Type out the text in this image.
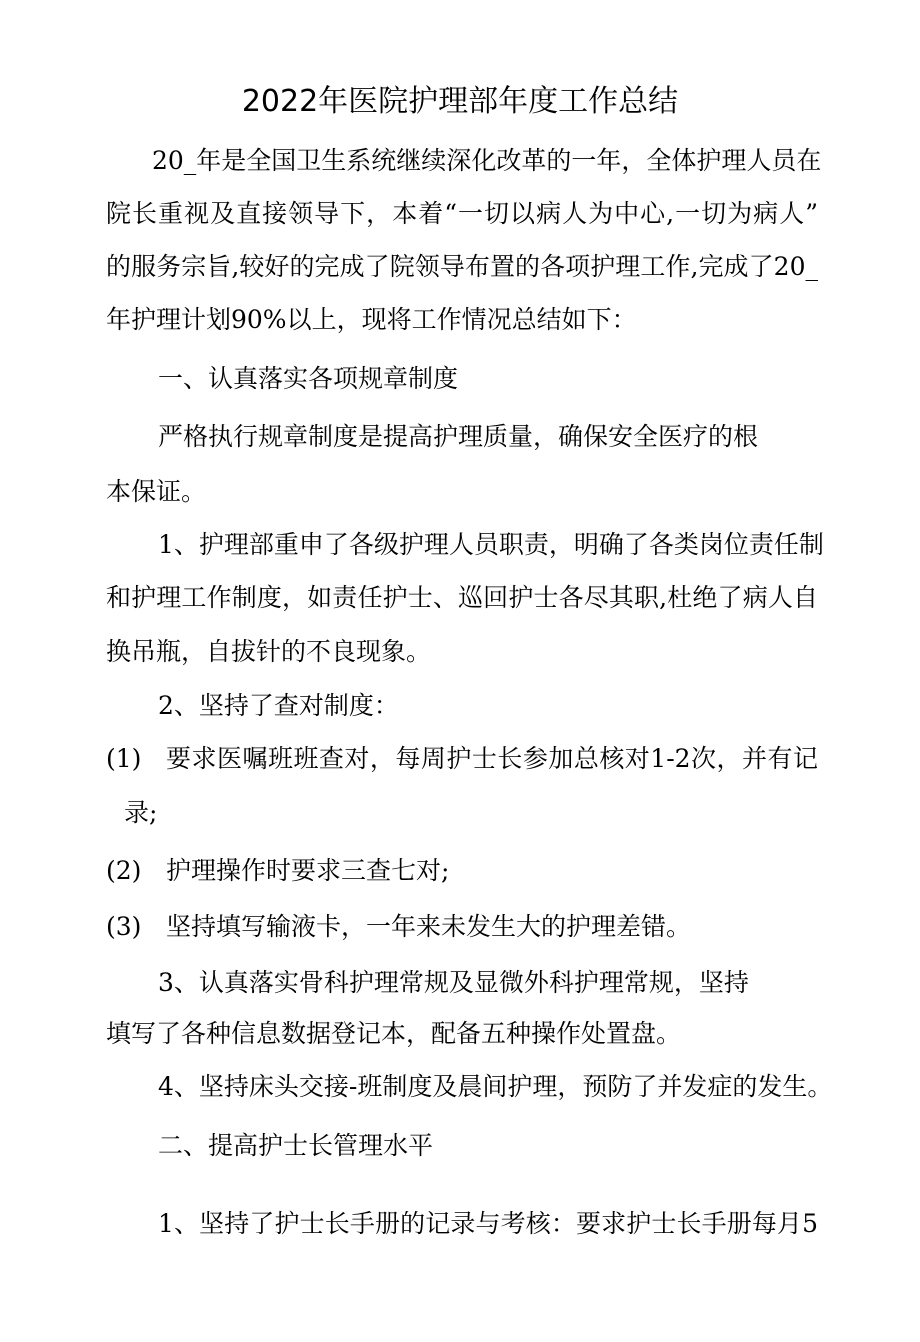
2022年医院护理部年度工作总结
20_年是全国卫生系统继续深化改革的一年，全体护理人员在
院长重视及直接领导下，本着“一切以病人为中心,一切为病人”
的服务宗旨,较好的完成了院领导布置的各项护理工作,完成了20_
年护理计划90%以上，现将工作情况总结如下：
一、认真落实各项规章制度
严格执行规章制度是提高护理质量，确保安全医疗的根
本保证。
1、护理部重申了各级护理人员职责，明确了各类岗位责任制
和护理工作制度，如责任护士、巡回护士各尽其职,杜绝了病人自
换吊瓶，自拔针的不良现象。
2、坚持了查对制度：
(1) 要求医嘱班班查对，每周护士长参加总核对1-2次，并有记
录;
(2) 护理操作时要求三查七对;
(3) 坚持填写输液卡，一年来未发生大的护理差错。
3、认真落实骨科护理常规及显微外科护理常规，坚持
填写了各种信息数据登记本，配备五种操作处置盘。
4、坚持床头交接-班制度及晨间护理，预防了并发症的发生。
二、提高护士长管理水平
1、坚持了护士长手册的记录与考核：要求护士长手册每月5
